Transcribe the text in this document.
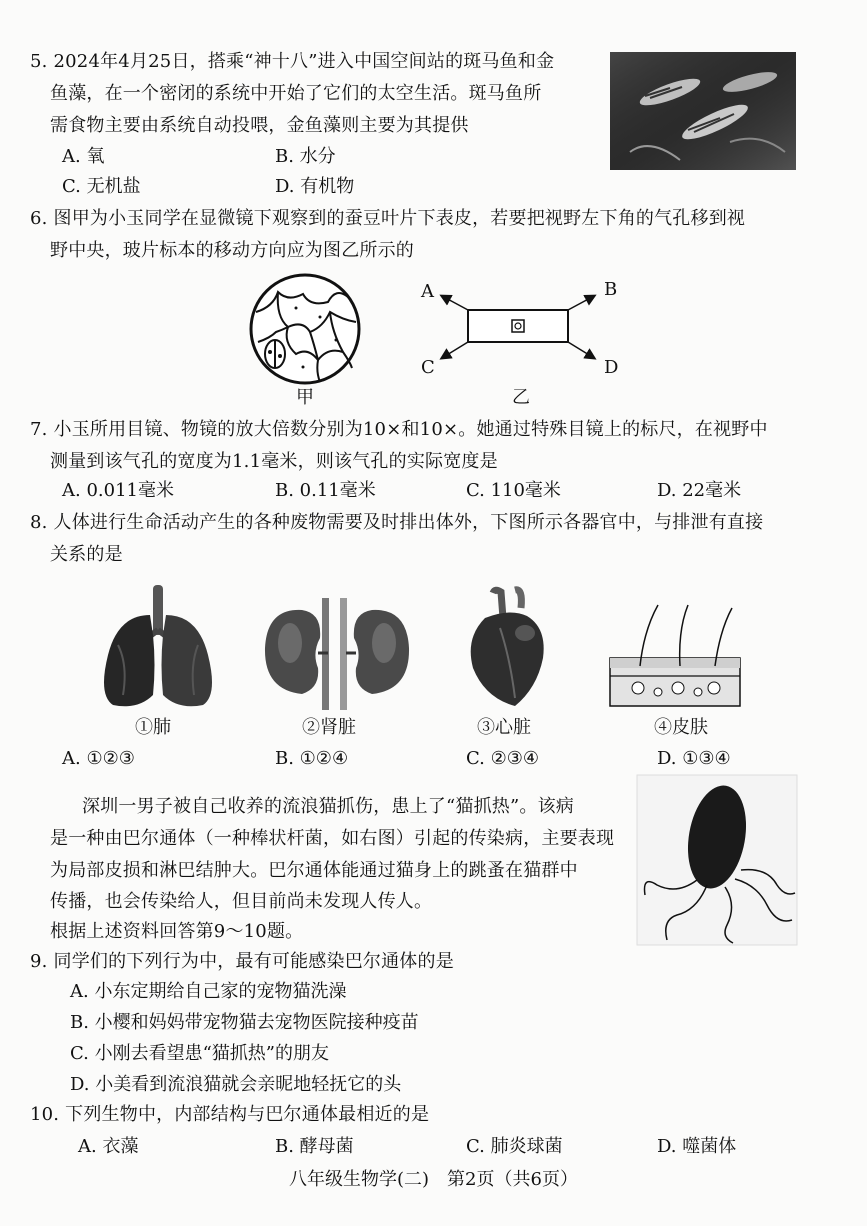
5. 2024年4月25日，搭乘“神十八”进入中国空间站的斑马鱼和金
鱼藻，在一个密闭的系统中开始了它们的太空生活。斑马鱼所
需食物主要由系统自动投喂，金鱼藻则主要为其提供
A. 氧	B. 水分
C. 无机盐	D. 有机物
6. 图甲为小玉同学在显微镜下观察到的蚕豆叶片下表皮，若要把视野左下角的气孔移到视
野中央，玻片标本的移动方向应为图乙所示的
甲
A	B
C	D
乙
7. 小玉所用目镜、物镜的放大倍数分别为10×和10×。她通过特殊目镜上的标尺，在视野中
测量到该气孔的宽度为1.1毫米，则该气孔的实际宽度是
A. 0.011毫米	B. 0.11毫米	C. 110毫米	D. 22毫米
8. 人体进行生命活动产生的各种废物需要及时排出体外，下图所示各器官中，与排泄有直接
关系的是
①肺	②肾脏	③心脏	④皮肤
A. ①②③	B. ①②④	C. ②③④	D. ①③④
深圳一男子被自己收养的流浪猫抓伤，患上了“猫抓热”。该病
是一种由巴尔通体（一种棒状杆菌，如右图）引起的传染病，主要表现
为局部皮损和淋巴结肿大。巴尔通体能通过猫身上的跳蚤在猫群中
传播，也会传染给人，但目前尚未发现人传人。
根据上述资料回答第9～10题。
9. 同学们的下列行为中，最有可能感染巴尔通体的是
A. 小东定期给自己家的宠物猫洗澡
B. 小樱和妈妈带宠物猫去宠物医院接种疫苗
C. 小刚去看望患“猫抓热”的朋友
D. 小美看到流浪猫就会亲昵地轻抚它的头
10. 下列生物中，内部结构与巴尔通体最相近的是
A. 衣藻	B. 酵母菌	C. 肺炎球菌	D. 噬菌体
八年级生物学(二)　第2页（共6页）
